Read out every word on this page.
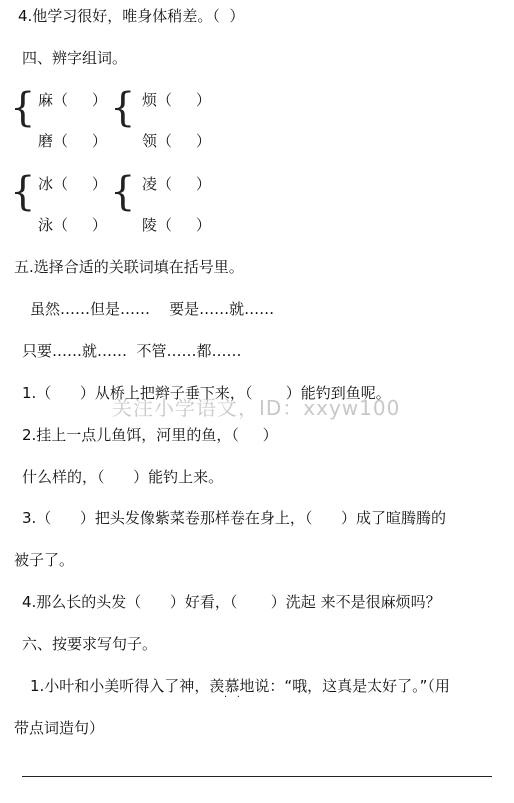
4.他学习很好，唯身体稍差。（  ）
四、辨字组词。
{ 麻（     ）
磨（     ）
{ 烦（     ）
领（     ）
{ 冰（     ）
泳（     ）
{ 凌（     ）
陵（     ）
五.选择合适的关联词填在括号里。
虽然……但是……    要是……就……
只要……就……  不管……都……
关注小学语文，ID：xxyw100
1.（      ）从桥上把辫子垂下来，（       ）能钓到鱼呢。
2.挂上一点儿鱼饵，河里的鱼，（     ）
什么样的，（      ）能钓上来。
3.（      ）把头发像紫菜卷那样卷在身上，（      ）成了暄腾腾的
被子了。
4.那么长的头发（      ）好看，（       ）洗起 来不是很麻烦吗？
六、按要求写句子。
1.小叶和小美听得入了神，羡慕地说：“哦，这真是太好了。”（用
·   ·
带点词造句）
